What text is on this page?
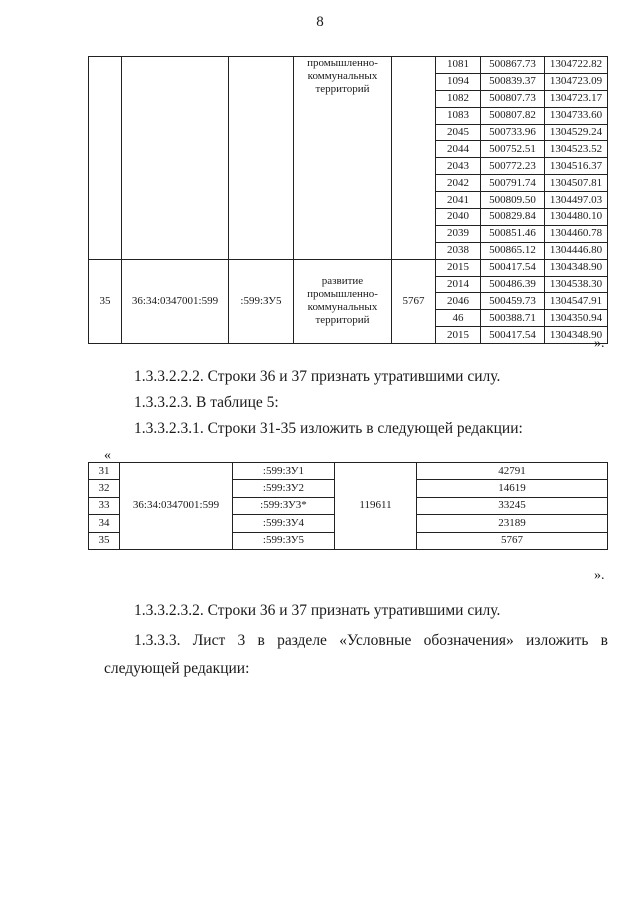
8

			промышленно-
коммунальных
территорий		1081	500867.73	1304722.82
					1094	500839.37	1304723.09
					1082	500807.73	1304723.17
					1083	500807.82	1304733.60
					2045	500733.96	1304529.24
					2044	500752.51	1304523.52
					2043	500772.23	1304516.37
					2042	500791.74	1304507.81
					2041	500809.50	1304497.03
					2040	500829.84	1304480.10
					2039	500851.46	1304460.78
					2038	500865.12	1304446.80
35	36:34:0347001:599	:599:ЗУ5	развитие
промышленно-
коммунальных
территорий	5767	2015	500417.54	1304348.90
					2014	500486.39	1304538.30
					2046	500459.73	1304547.91
					46	500388.71	1304350.94
					2015	500417.54	1304348.90
».
1.3.3.2.2.2. Строки 36 и 37 признать утратившими силу.
1.3.3.2.3. В таблице 5:
1.3.3.2.3.1. Строки 31-35 изложить в следующей редакции:
«
31	36:34:0347001:599	:599:ЗУ1	119611	42791
32		:599:ЗУ2		14619
33		:599:ЗУ3*		33245
34		:599:ЗУ4		23189
35		:599:ЗУ5		5767
».
1.3.3.2.3.2. Строки 36 и 37 признать утратившими силу.
1.3.3.3. Лист 3 в разделе «Условные обозначения» изложить в
следующей редакции:
